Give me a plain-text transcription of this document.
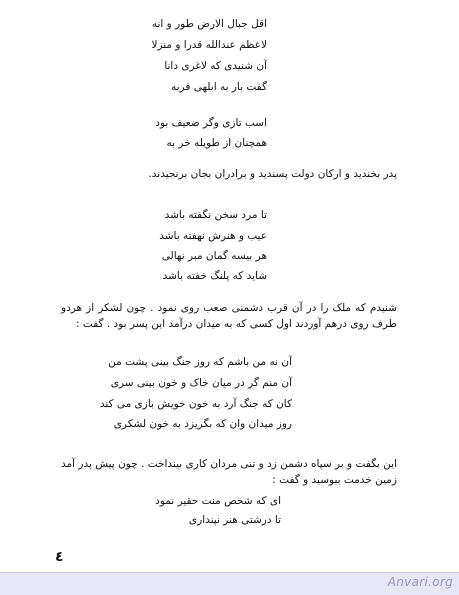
اقل جبال الارض طور و انه
لاعظم عندالله قدرا و منزلا
آن شنیدی که لاغری دانا
گفت بار به ابلهی فربه
اسب تازی وگر ضعیف بود
همچنان از طویله خر به
پدر بخندید و ارکان دولت پسندید و برادران بجان برنجیدند.
تا مرد سخن نگفته باشد
عیب و هنرش نهفته باشد
هر بیسه گمان مبر نهالی
شاید که پلنگ خفته باشد
شنیدم که ملک را در آن قرب دشمنی صعب روی نمود . چون لشکر از هردو طرف روی درهم آوردند اول کسی که به میدان درآمد این پسر بود . گفت :
آن نه من باشم که روز جنگ بینی پشت من
آن منم گر در میان خاک و خون بینی سری
کان که جنگ آرد به خون خویش بازی می کند
روز میدان وان که بگریزد به خون لشکری
این بگفت و بر سپاه دشمن زد و تنی مردان کاری بینداخت . چون پیش پدر آمد زمین خدمت ببوسید و گفت :
ای که شخص منت حقیر نمود
تا درشتی هنر نپنداری
٤
Anvari.org
